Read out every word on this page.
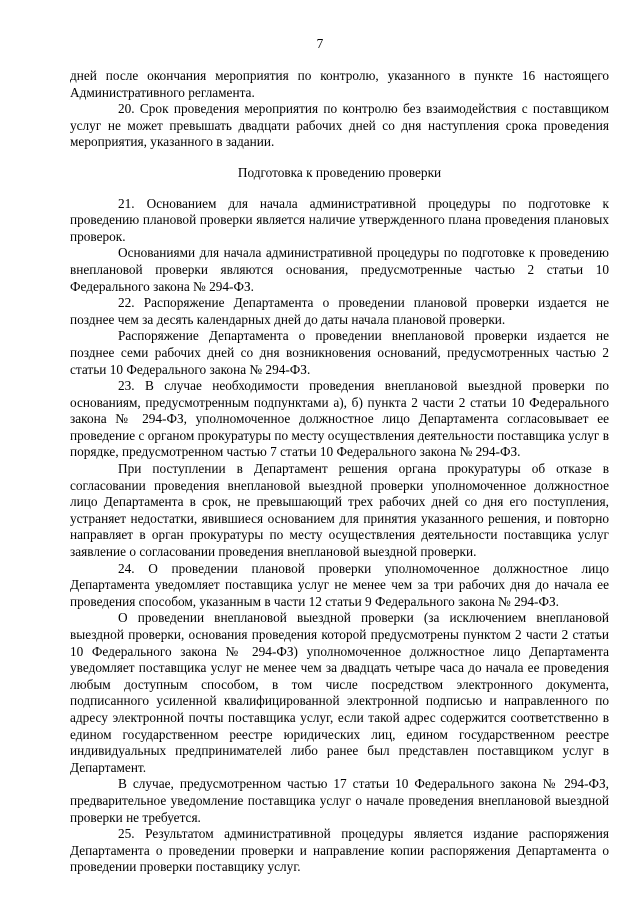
7

дней после окончания мероприятия по контролю, указанного в пункте 16 настоящего Административного регламента.

20. Срок проведения мероприятия по контролю без взаимодействия с поставщиком услуг не может превышать двадцати рабочих дней со дня наступления срока проведения мероприятия, указанного в задании.

Подготовка к проведению проверки

21. Основанием для начала административной процедуры по подготовке к проведению плановой проверки является наличие утвержденного плана проведения плановых проверок.

Основаниями для начала административной процедуры по подготовке к проведению внеплановой проверки являются основания, предусмотренные частью 2 статьи 10 Федерального закона № 294-ФЗ.

22. Распоряжение Департамента о проведении плановой проверки издается не позднее чем за десять календарных дней до даты начала плановой проверки.

Распоряжение Департамента о проведении внеплановой проверки издается не позднее семи рабочих дней со дня возникновения оснований, предусмотренных частью 2 статьи 10 Федерального закона № 294-ФЗ.

23. В случае необходимости проведения внеплановой выездной проверки по основаниям, предусмотренным подпунктами а), б) пункта 2 части 2 статьи 10 Федерального закона № 294-ФЗ, уполномоченное должностное лицо Департамента согласовывает ее проведение с органом прокуратуры по месту осуществления деятельности поставщика услуг в порядке, предусмотренном частью 7 статьи 10 Федерального закона № 294-ФЗ.

При поступлении в Департамент решения органа прокуратуры об отказе в согласовании проведения внеплановой выездной проверки уполномоченное должностное лицо Департамента в срок, не превышающий трех рабочих дней со дня его поступления, устраняет недостатки, явившиеся основанием для принятия указанного решения, и повторно направляет в орган прокуратуры по месту осуществления деятельности поставщика услуг заявление о согласовании проведения внеплановой выездной проверки.

24. О проведении плановой проверки уполномоченное должностное лицо Департамента уведомляет поставщика услуг не менее чем за три рабочих дня до начала ее проведения способом, указанным в части 12 статьи 9 Федерального закона № 294-ФЗ.

О проведении внеплановой выездной проверки (за исключением внеплановой выездной проверки, основания проведения которой предусмотрены пунктом 2 части 2 статьи 10 Федерального закона № 294-ФЗ) уполномоченное должностное лицо Департамента уведомляет поставщика услуг не менее чем за двадцать четыре часа до начала ее проведения любым доступным способом, в том числе посредством электронного документа, подписанного усиленной квалифицированной электронной подписью и направленного по адресу электронной почты поставщика услуг, если такой адрес содержится соответственно в едином государственном реестре юридических лиц, едином государственном реестре индивидуальных предпринимателей либо ранее был представлен поставщиком услуг в Департамент.

В случае, предусмотренном частью 17 статьи 10 Федерального закона № 294-ФЗ, предварительное уведомление поставщика услуг о начале проведения внеплановой выездной проверки не требуется.

25. Результатом административной процедуры является издание распоряжения Департамента о проведении проверки и направление копии распоряжения Департамента о проведении проверки поставщику услуг.
